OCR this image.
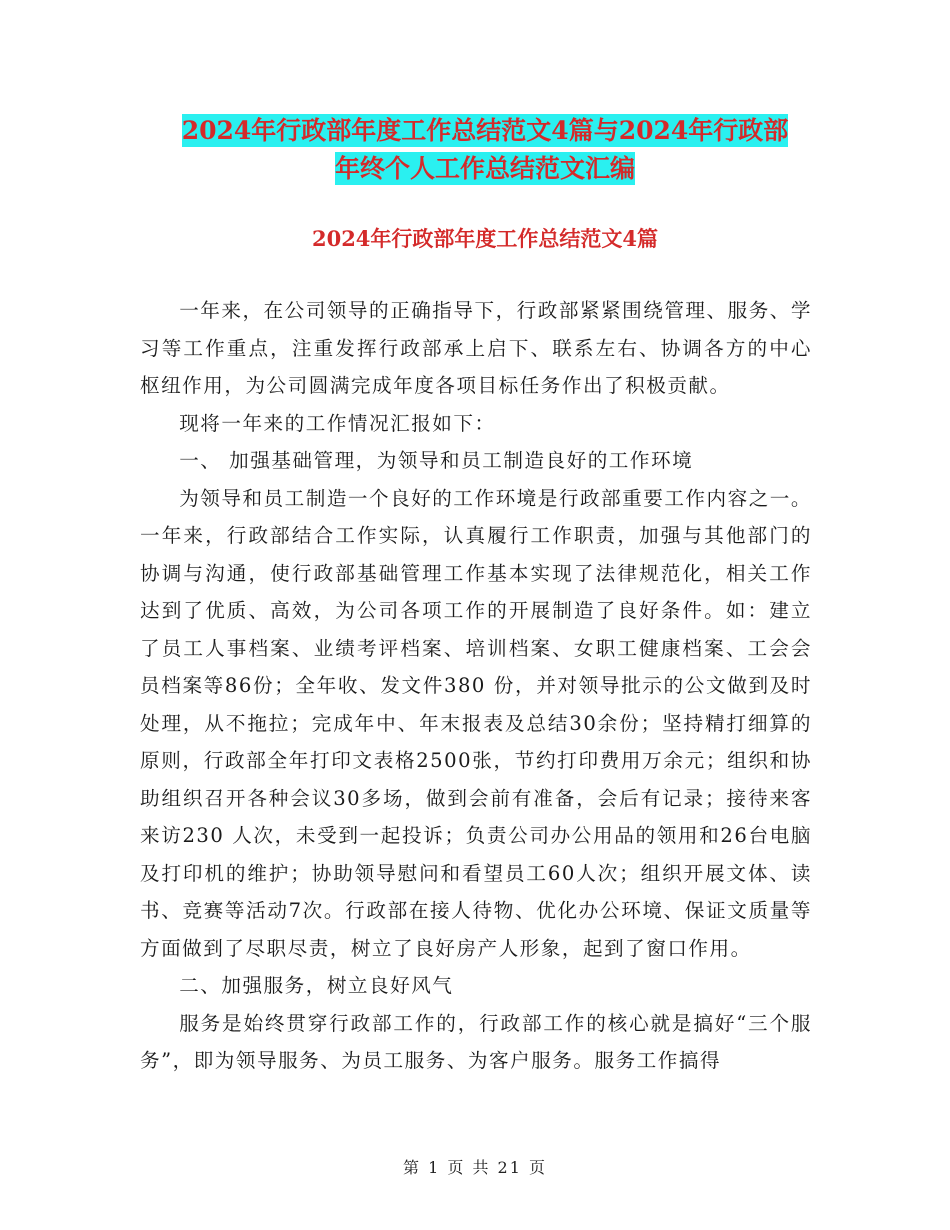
2024年行政部年度工作总结范文4篇与2024年行政部
年终个人工作总结范文汇编
2024年行政部年度工作总结范文4篇

一年来，在公司领导的正确指导下，行政部紧紧围绕管理、服务、学习等工作重点，注重发挥行政部承上启下、联系左右、协调各方的中心枢纽作用，为公司圆满完成年度各项目标任务作出了积极贡献。

现将一年来的工作情况汇报如下：

一、 加强基础管理，为领导和员工制造良好的工作环境

为领导和员工制造一个良好的工作环境是行政部重要工作内容之一。一年来，行政部结合工作实际，认真履行工作职责，加强与其他部门的协调与沟通，使行政部基础管理工作基本实现了法律规范化，相关工作达到了优质、高效，为公司各项工作的开展制造了良好条件。如：建立了员工人事档案、业绩考评档案、培训档案、女职工健康档案、工会会员档案等86份；全年收、发文件380 份，并对领导批示的公文做到及时处理，从不拖拉；完成年中、年末报表及总结30余份；坚持精打细算的原则，行政部全年打印文表格2500张，节约打印费用万余元；组织和协助组织召开各种会议30多场，做到会前有准备，会后有记录；接待来客来访230 人次，未受到一起投诉；负责公司办公用品的领用和26台电脑及打印机的维护；协助领导慰问和看望员工60人次；组织开展文体、读书、竞赛等活动7次。行政部在接人待物、优化办公环境、保证文质量等方面做到了尽职尽责，树立了良好房产人形象，起到了窗口作用。

二、加强服务，树立良好风气

服务是始终贯穿行政部工作的，行政部工作的核心就是搞好“三个服务”，即为领导服务、为员工服务、为客户服务。服务工作搞得

第 1 页 共 21 页
